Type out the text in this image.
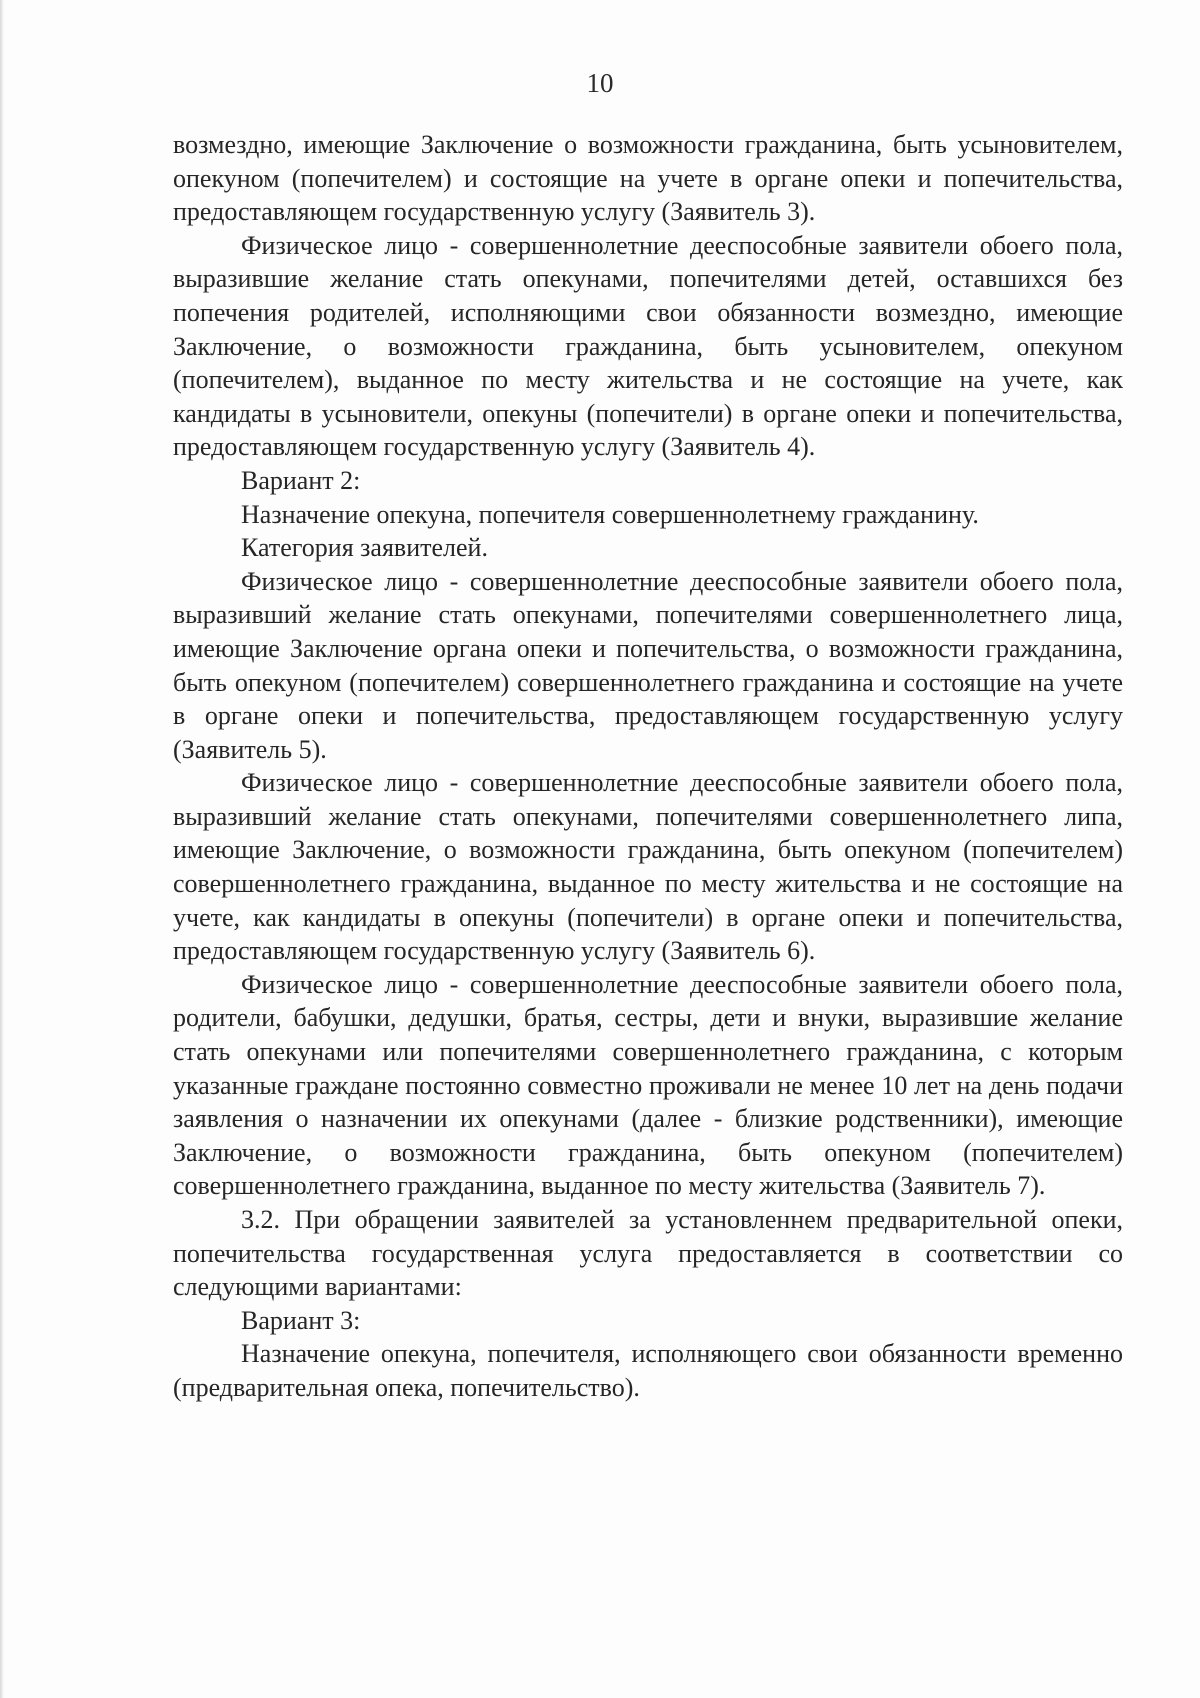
10

возмездно, имеющие Заключение о возможности гражданина, быть усыновителем, опекуном (попечителем) и состоящие на учете в органе опеки и попечительства, предоставляющем государственную услугу (Заявитель 3).

Физическое лицо - совершеннолетние дееспособные заявители обоего пола, выразившие желание стать опекунами, попечителями детей, оставшихся без попечения родителей, исполняющими свои обязанности возмездно, имеющие Заключение, о возможности гражданина, быть усыновителем, опекуном (попечителем), выданное по месту жительства и не состоящие на учете, как кандидаты в усыновители, опекуны (попечители) в органе опеки и попечительства, предоставляющем государственную услугу (Заявитель 4).

Вариант 2:

Назначение опекуна, попечителя совершеннолетнему гражданину.

Категория заявителей.

Физическое лицо - совершеннолетние дееспособные заявители обоего пола, выразивший желание стать опекунами, попечителями совершеннолетнего лица, имеющие Заключение органа опеки и попечительства, о возможности гражданина, быть опекуном (попечителем) совершеннолетнего гражданина и состоящие на учете в органе опеки и попечительства, предоставляющем государственную услугу (Заявитель 5).

Физическое лицо - совершеннолетние дееспособные заявители обоего пола, выразивший желание стать опекунами, попечителями совершеннолетнего липа, имеющие Заключение, о возможности гражданина, быть опекуном (попечителем) совершеннолетнего гражданина, выданное по месту жительства и не состоящие на учете, как кандидаты в опекуны (попечители) в органе опеки и попечительства, предоставляющем государственную услугу (Заявитель 6).

Физическое лицо - совершеннолетние дееспособные заявители обоего пола, родители, бабушки, дедушки, братья, сестры, дети и внуки, выразившие желание стать опекунами или попечителями совершеннолетнего гражданина, с которым указанные граждане постоянно совместно проживали не менее 10 лет на день подачи заявления о назначении их опекунами (далее - близкие родственники), имеющие Заключение, о возможности гражданина, быть опекуном (попечителем) совершеннолетнего гражданина, выданное по месту жительства (Заявитель 7).

3.2. При обращении заявителей за установленнем предварительной опеки, попечительства государственная услуга предоставляется в соответствии со следующими вариантами:

Вариант 3:

Назначение опекуна, попечителя, исполняющего свои обязанности временно (предварительная опека, попечительство).
